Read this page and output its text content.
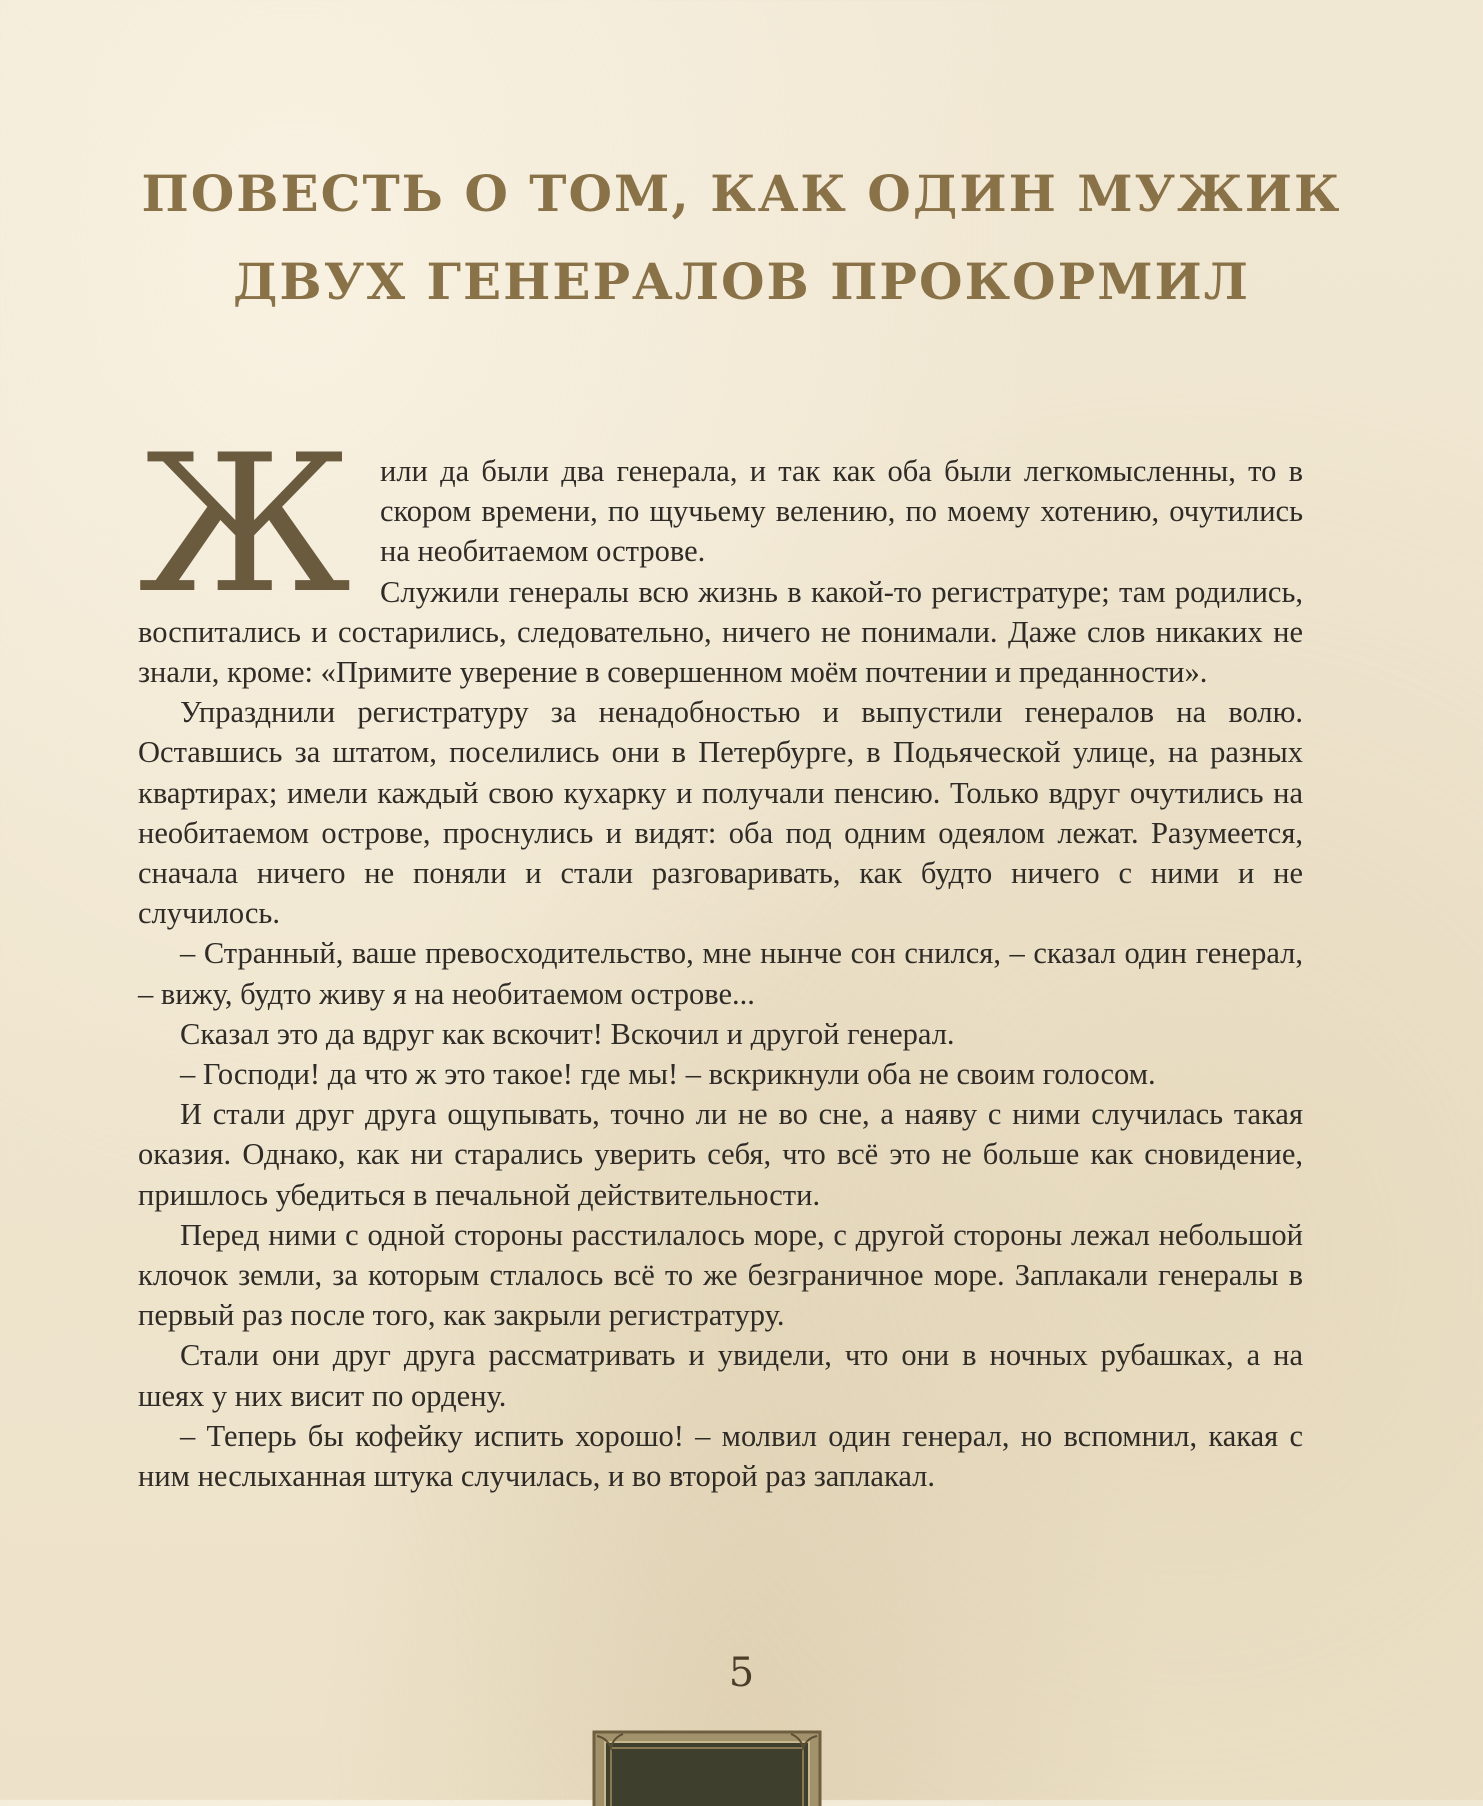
ПОВЕСТЬ О ТОМ, КАК ОДИН МУЖИК
ДВУХ ГЕНЕРАЛОВ ПРОКОРМИЛ
Ж	или да были два генерала, и так как оба были легкомысленны, то в скором времени, по щучьему велению, по моему хотению, очутились на необитаемом острове.

Служили генералы всю жизнь в какой-то регистратуре; там родились, воспитались и состарились, следовательно, ничего не понимали. Даже слов никаких не знали, кроме: «Примите уверение в совершенном моём почтении и преданности».

Упразднили регистратуру за ненадобностью и выпустили генералов на волю. Оставшись за штатом, поселились они в Петербурге, в Подьяческой улице, на разных квартирах; имели каждый свою кухарку и получали пенсию. Только вдруг очутились на необитаемом острове, проснулись и видят: оба под одним одеялом лежат. Разумеется, сначала ничего не поняли и стали разговаривать, как будто ничего с ними и не случилось.

– Странный, ваше превосходительство, мне нынче сон снился, – сказал один генерал, – вижу, будто живу я на необитаемом острове...

Сказал это да вдруг как вскочит! Вскочил и другой генерал.

– Господи! да что ж это такое! где мы! – вскрикнули оба не своим голосом.

И стали друг друга ощупывать, точно ли не во сне, а наяву с ними случилась такая оказия. Однако, как ни старались уверить себя, что всё это не больше как сновидение, пришлось убедиться в печальной действительности.

Перед ними с одной стороны расстилалось море, с другой стороны лежал небольшой клочок земли, за которым стлалось всё то же безграничное море. Заплакали генералы в первый раз после того, как закрыли регистратуру.

Стали они друг друга рассматривать и увидели, что они в ночных рубашках, а на шеях у них висит по ордену.

– Теперь бы кофейку испить хорошо! – молвил один генерал, но вспомнил, какая с ним неслыханная штука случилась, и во второй раз заплакал.

5
